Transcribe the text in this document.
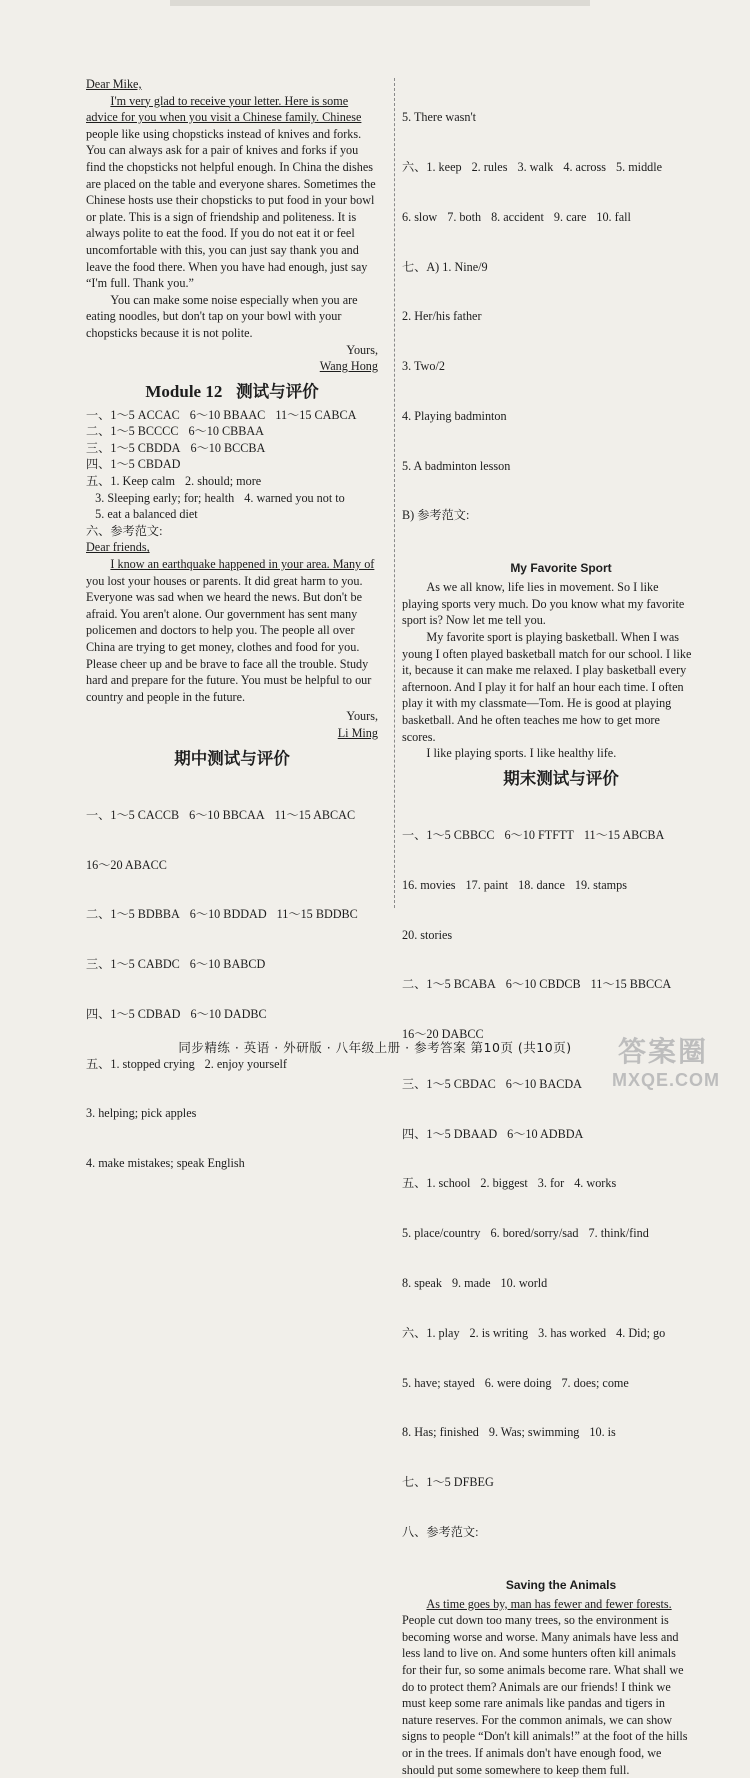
Dear Mike,

I'm very glad to receive your letter. Here is some

advice for you when you visit a Chinese family. Chinese

people like using chopsticks instead of knives and forks.

You can always ask for a pair of knives and forks if you

find the chopsticks not helpful enough. In China the dishes

are placed on the table and everyone shares. Sometimes the

Chinese hosts use their chopsticks to put food in your bowl

or plate. This is a sign of friendship and politeness. It is

always polite to eat the food. If you do not eat it or feel

uncomfortable with this, you can just say thank you and

leave the food there. When you have had enough, just say

“I'm full. Thank you.”

You can make some noise especially when you are

eating noodles, but don't tap on your bowl with your

chopsticks because it is not polite.

Yours,

Wang Hong

Module 12 测试与评价
一、1～5 ACCAC 6～10 BBAAC 11～15 CABCA
二、1～5 BCCCC 6～10 CBBAA
三、1～5 CBDDA 6～10 BCCBA
四、1～5 CBDAD
五、1. Keep calm 2. should; more
3. Sleeping early; for; health 4. warned you not to
5. eat a balanced diet
六、参考范文:

Dear friends,

I know an earthquake happened in your area. Many of

you lost your houses or parents. It did great harm to you.

Everyone was sad when we heard the news. But don't be

afraid. You aren't alone. Our government has sent many

policemen and doctors to help you. The people all over

China are trying to get money, clothes and food for you.

Please cheer up and be brave to face all the trouble. Study

hard and prepare for the future. You must be helpful to our

country and people in the future.

Yours,

Li Ming

期中测试与评价

一、1～5 CACCB 6～10 BBCAA 11～15 ABCAC

16～20 ABACC

二、1～5 BDBBA 6～10 BDDAD 11～15 BDDBC

三、1～5 CABDC 6～10 BABCD

四、1～5 CDBAD 6～10 DADBC

五、1. stopped crying 2. enjoy yourself

3. helping; pick apples

4. make mistakes; speak English

5. There wasn't

六、1. keep 2. rules 3. walk 4. across 5. middle

6. slow 7. both 8. accident 9. care 10. fall

七、A) 1. Nine/9

2. Her/his father

3. Two/2

4. Playing badminton

5. A badminton lesson

B) 参考范文:

My Favorite Sport

As we all know, life lies in movement. So I like

playing sports very much. Do you know what my favorite

sport is? Now let me tell you.

My favorite sport is playing basketball. When I was

young I often played basketball match for our school. I like

it, because it can make me relaxed. I play basketball every

afternoon. And I play it for half an hour each time. I often

play it with my classmate—Tom. He is good at playing

basketball. And he often teaches me how to get more

scores.

I like playing sports. I like healthy life.

期末测试与评价

一、1～5 CBBCC 6～10 FTFTT 11～15 ABCBA

16. movies 17. paint 18. dance 19. stamps

20. stories

二、1～5 BCABA 6～10 CBDCB 11～15 BBCCA

16～20 DABCC

三、1～5 CBDAC 6～10 BACDA

四、1～5 DBAAD 6～10 ADBDA

五、1. school 2. biggest 3. for 4. works

5. place/country 6. bored/sorry/sad 7. think/find

8. speak 9. made 10. world

六、1. play 2. is writing 3. has worked 4. Did; go

5. have; stayed 6. were doing 7. does; come

8. Has; finished 9. Was; swimming 10. is

七、1～5 DFBEG

八、参考范文:

Saving the Animals

As time goes by, man has fewer and fewer forests.

People cut down too many trees, so the environment is

becoming worse and worse. Many animals have less and

less land to live on. And some hunters often kill animals

for their fur, so some animals become rare. What shall we

do to protect them? Animals are our friends! I think we

must keep some rare animals like pandas and tigers in

nature reserves. For the common animals, we can show

signs to people “Don't kill animals!” at the foot of the hills

or in the trees. If animals don't have enough food, we

should put some somewhere to keep them full.

同步精练 · 英语 · 外研版 · 八年级上册 · 参考答案 第10页 (共10页)	答案圈
MXQE.COM
